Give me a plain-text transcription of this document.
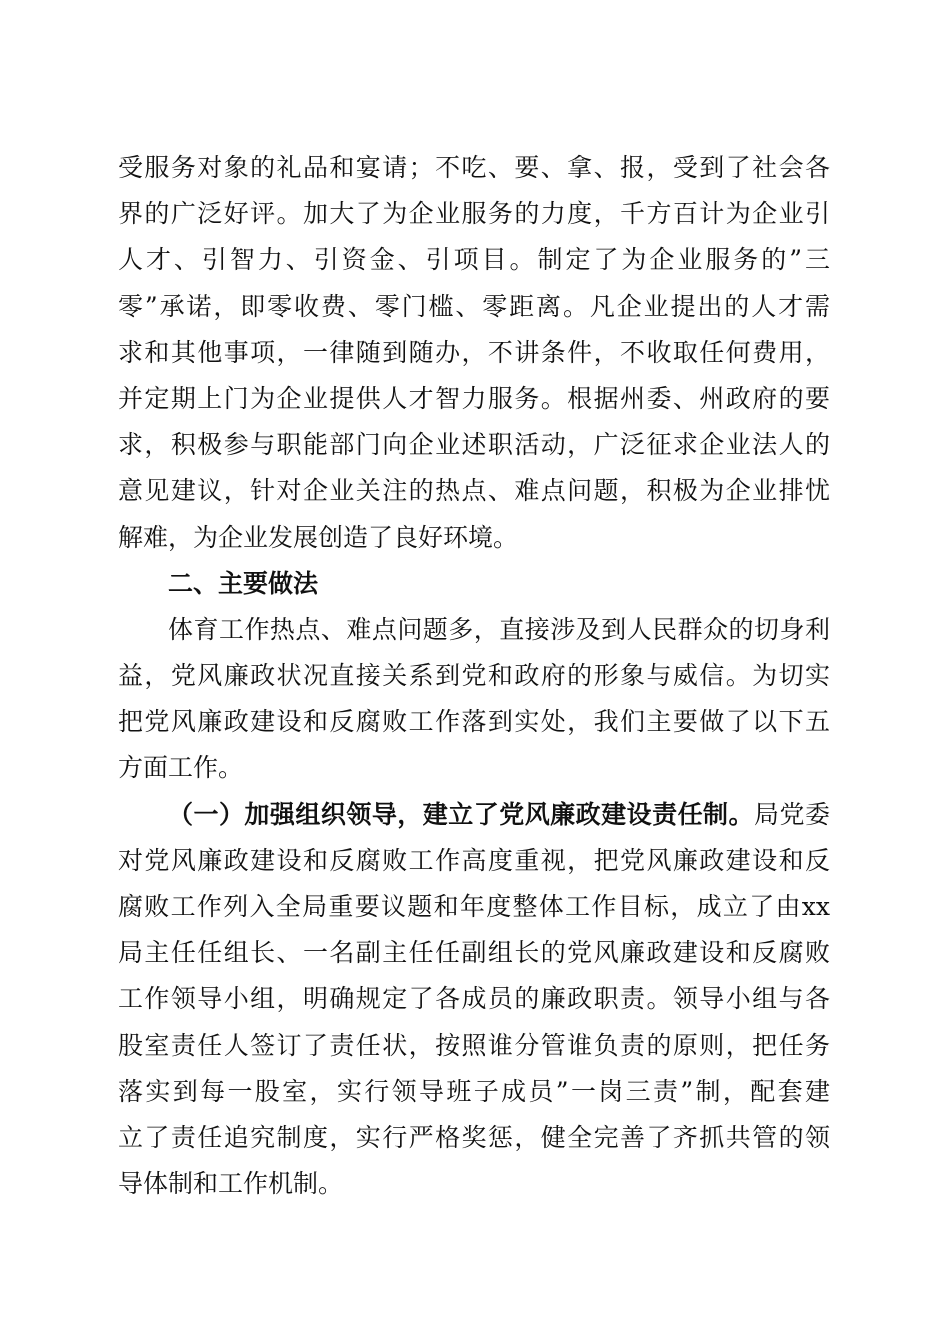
受服务对象的礼品和宴请；不吃、要、拿、报，受到了社会各
界的广泛好评。加大了为企业服务的力度，千方百计为企业引
人才、引智力、引资金、引项目。制定了为企业服务的”三
零”承诺，即零收费、零门槛、零距离。凡企业提出的人才需
求和其他事项，一律随到随办，不讲条件，不收取任何费用，
并定期上门为企业提供人才智力服务。根据州委、州政府的要
求，积极参与职能部门向企业述职活动，广泛征求企业法人的
意见建议，针对企业关注的热点、难点问题，积极为企业排忧
解难，为企业发展创造了良好环境。
二、主要做法
体育工作热点、难点问题多，直接涉及到人民群众的切身利
益，党风廉政状况直接关系到党和政府的形象与威信。为切实
把党风廉政建设和反腐败工作落到实处，我们主要做了以下五
方面工作。
（一）加强组织领导，建立了党风廉政建设责任制。局党委
对党风廉政建设和反腐败工作高度重视，把党风廉政建设和反
腐败工作列入全局重要议题和年度整体工作目标，成立了由xx
局主任任组长、一名副主任任副组长的党风廉政建设和反腐败
工作领导小组，明确规定了各成员的廉政职责。领导小组与各
股室责任人签订了责任状，按照谁分管谁负责的原则，把任务
落实到每一股室，实行领导班子成员”一岗三责”制，配套建
立了责任追究制度，实行严格奖惩，健全完善了齐抓共管的领
导体制和工作机制。
